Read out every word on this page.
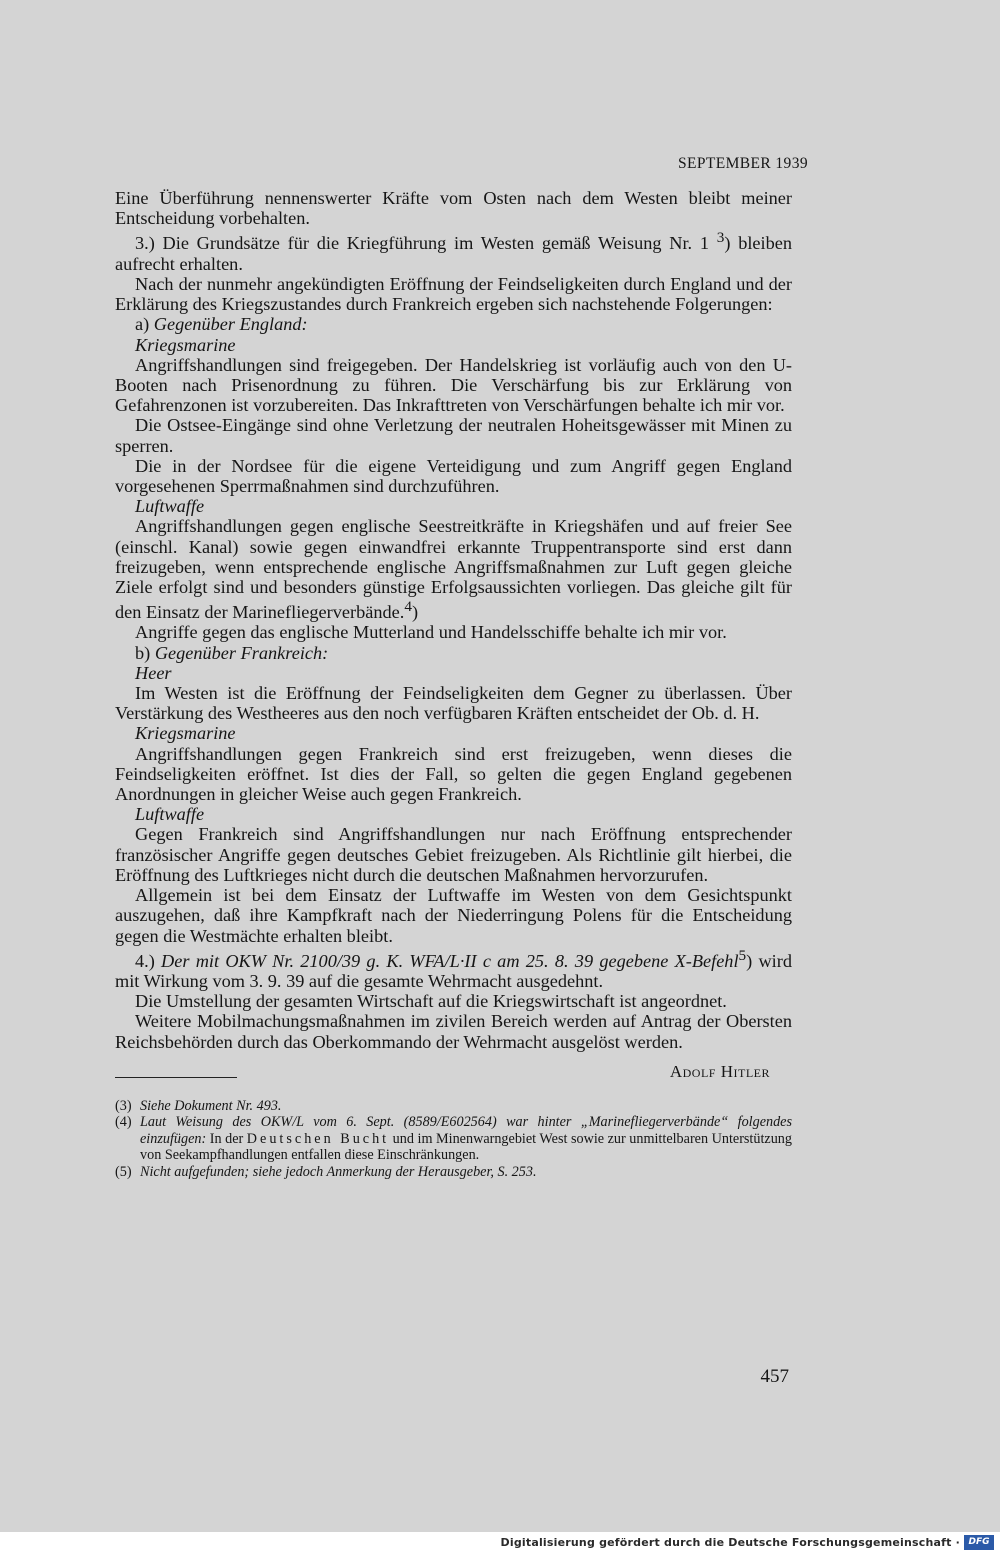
SEPTEMBER 1939

Eine Überführung nennenswerter Kräfte vom Osten nach dem Westen bleibt meiner Entscheidung vorbehalten.

3.) Die Grundsätze für die Kriegführung im Westen gemäß Weisung Nr. 1 $^3$) bleiben aufrecht erhalten.

Nach der nunmehr angekündigten Eröffnung der Feindseligkeiten durch England und der Erklärung des Kriegszustandes durch Frankreich ergeben sich nachstehende Folgerungen:

a) Gegenüber England:

Kriegsmarine

Angriffshandlungen sind freigegeben. Der Handelskrieg ist vorläufig auch von den U-Booten nach Prisenordnung zu führen. Die Verschärfung bis zur Erklärung von Gefahrenzonen ist vorzubereiten. Das Inkrafttreten von Verschärfungen behalte ich mir vor.

Die Ostsee-Eingänge sind ohne Verletzung der neutralen Hoheitsgewässer mit Minen zu sperren.

Die in der Nordsee für die eigene Verteidigung und zum Angriff gegen England vorgesehenen Sperrmaßnahmen sind durchzuführen.

Luftwaffe

Angriffshandlungen gegen englische Seestreitkräfte in Kriegshäfen und auf freier See (einschl. Kanal) sowie gegen einwandfrei erkannte Truppentransporte sind erst dann freizugeben, wenn entsprechende englische Angriffsmaßnahmen zur Luft gegen gleiche Ziele erfolgt sind und besonders günstige Erfolgsaussichten vorliegen. Das gleiche gilt für den Einsatz der Marinefliegerverbände.$^4$)

Angriffe gegen das englische Mutterland und Handelsschiffe behalte ich mir vor.

b) Gegenüber Frankreich:

Heer

Im Westen ist die Eröffnung der Feindseligkeiten dem Gegner zu überlassen. Über Verstärkung des Westheeres aus den noch verfügbaren Kräften entscheidet der Ob. d. H.

Kriegsmarine

Angriffshandlungen gegen Frankreich sind erst freizugeben, wenn dieses die Feindseligkeiten eröffnet. Ist dies der Fall, so gelten die gegen England gegebenen Anordnungen in gleicher Weise auch gegen Frankreich.

Luftwaffe

Gegen Frankreich sind Angriffshandlungen nur nach Eröffnung entsprechender französischer Angriffe gegen deutsches Gebiet freizugeben. Als Richtlinie gilt hierbei, die Eröffnung des Luftkrieges nicht durch die deutschen Maßnahmen hervorzurufen.

Allgemein ist bei dem Einsatz der Luftwaffe im Westen von dem Gesichtspunkt auszugehen, daß ihre Kampfkraft nach der Niederringung Polens für die Entscheidung gegen die Westmächte erhalten bleibt.

4.) Der mit OKW Nr. 2100/39 g. K. WFA/L·II c am 25. 8. 39 gegebene X-Befehl$^5$) wird mit Wirkung vom 3. 9. 39 auf die gesamte Wehrmacht ausgedehnt.

Die Umstellung der gesamten Wirtschaft auf die Kriegswirtschaft ist angeordnet.

Weitere Mobilmachungsmaßnahmen im zivilen Bereich werden auf Antrag der Obersten Reichsbehörden durch das Oberkommando der Wehrmacht ausgelöst werden.

Adolf Hitler
(3) Siehe Dokument Nr. 493.
(4) Laut Weisung des OKW/L vom 6. Sept. (8589/E602564) war hinter „Marinefliegerverbände“ folgendes einzufügen: In der Deutschen Bucht und im Minenwarngebiet West sowie zur unmittelbaren Unterstützung von Seekampfhandlungen entfallen diese Einschränkungen.
(5) Nicht aufgefunden; siehe jedoch Anmerkung der Herausgeber, S. 253.
457
Digitalisierung gefördert durch die Deutsche Forschungsgemeinschaft · DFG
